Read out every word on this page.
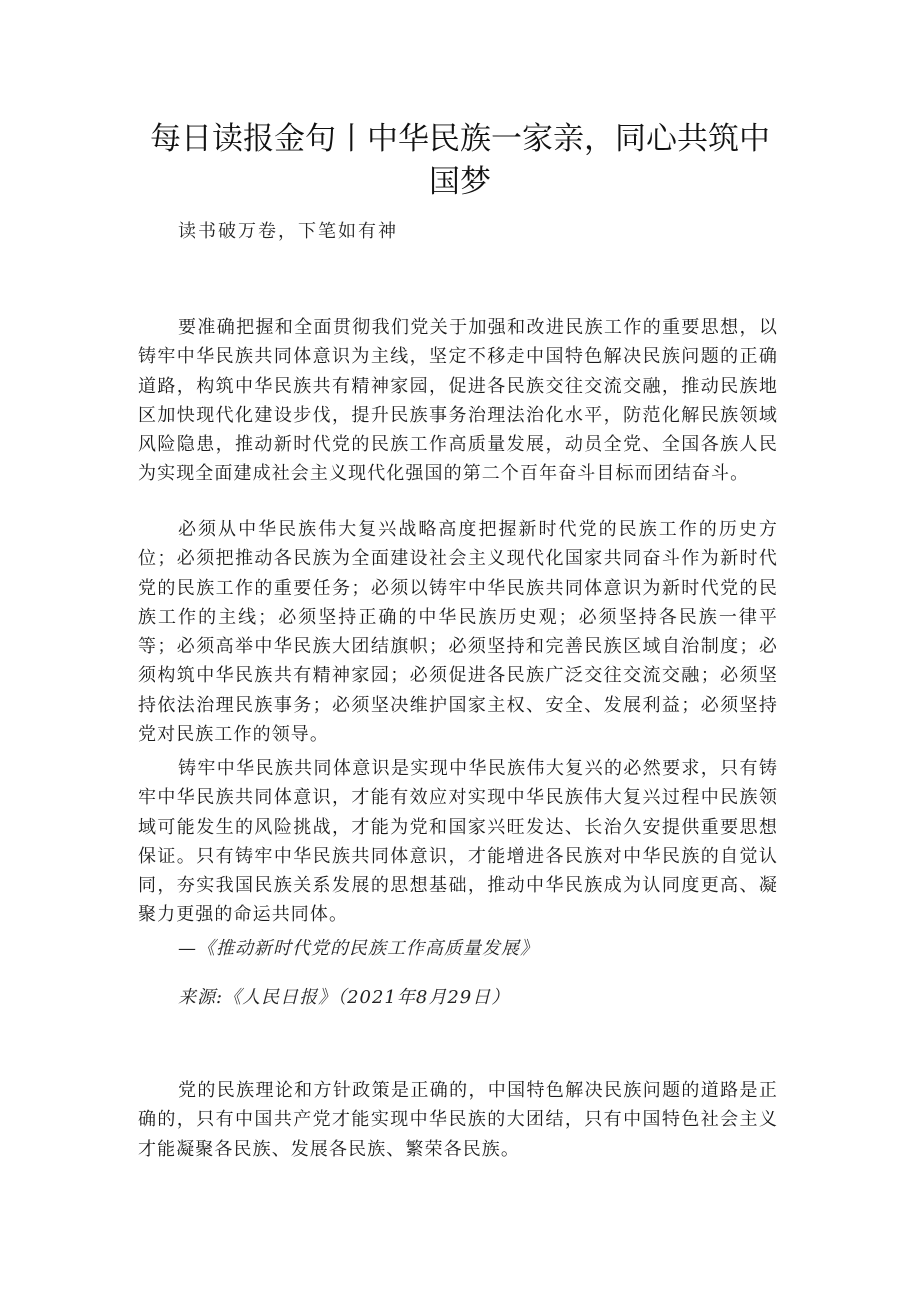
每日读报金句丨中华民族一家亲，同心共筑中国梦

读书破万卷，下笔如有神

要准确把握和全面贯彻我们党关于加强和改进民族工作的重要思想，以铸牢中华民族共同体意识为主线，坚定不移走中国特色解决民族问题的正确道路，构筑中华民族共有精神家园，促进各民族交往交流交融，推动民族地区加快现代化建设步伐，提升民族事务治理法治化水平，防范化解民族领域风险隐患，推动新时代党的民族工作高质量发展，动员全党、全国各族人民为实现全面建成社会主义现代化强国的第二个百年奋斗目标而团结奋斗。

必须从中华民族伟大复兴战略高度把握新时代党的民族工作的历史方位；必须把推动各民族为全面建设社会主义现代化国家共同奋斗作为新时代党的民族工作的重要任务；必须以铸牢中华民族共同体意识为新时代党的民族工作的主线；必须坚持正确的中华民族历史观；必须坚持各民族一律平等；必须高举中华民族大团结旗帜；必须坚持和完善民族区域自治制度；必须构筑中华民族共有精神家园；必须促进各民族广泛交往交流交融；必须坚持依法治理民族事务；必须坚决维护国家主权、安全、发展利益；必须坚持党对民族工作的领导。

铸牢中华民族共同体意识是实现中华民族伟大复兴的必然要求，只有铸牢中华民族共同体意识，才能有效应对实现中华民族伟大复兴过程中民族领域可能发生的风险挑战，才能为党和国家兴旺发达、长治久安提供重要思想保证。只有铸牢中华民族共同体意识，才能增进各民族对中华民族的自觉认同，夯实我国民族关系发展的思想基础，推动中华民族成为认同度更高、凝聚力更强的命运共同体。

—《推动新时代党的民族工作高质量发展》

来源:《人民日报》（2021年8月29日）

党的民族理论和方针政策是正确的，中国特色解决民族问题的道路是正确的，只有中国共产党才能实现中华民族的大团结，只有中国特色社会主义才能凝聚各民族、发展各民族、繁荣各民族。
